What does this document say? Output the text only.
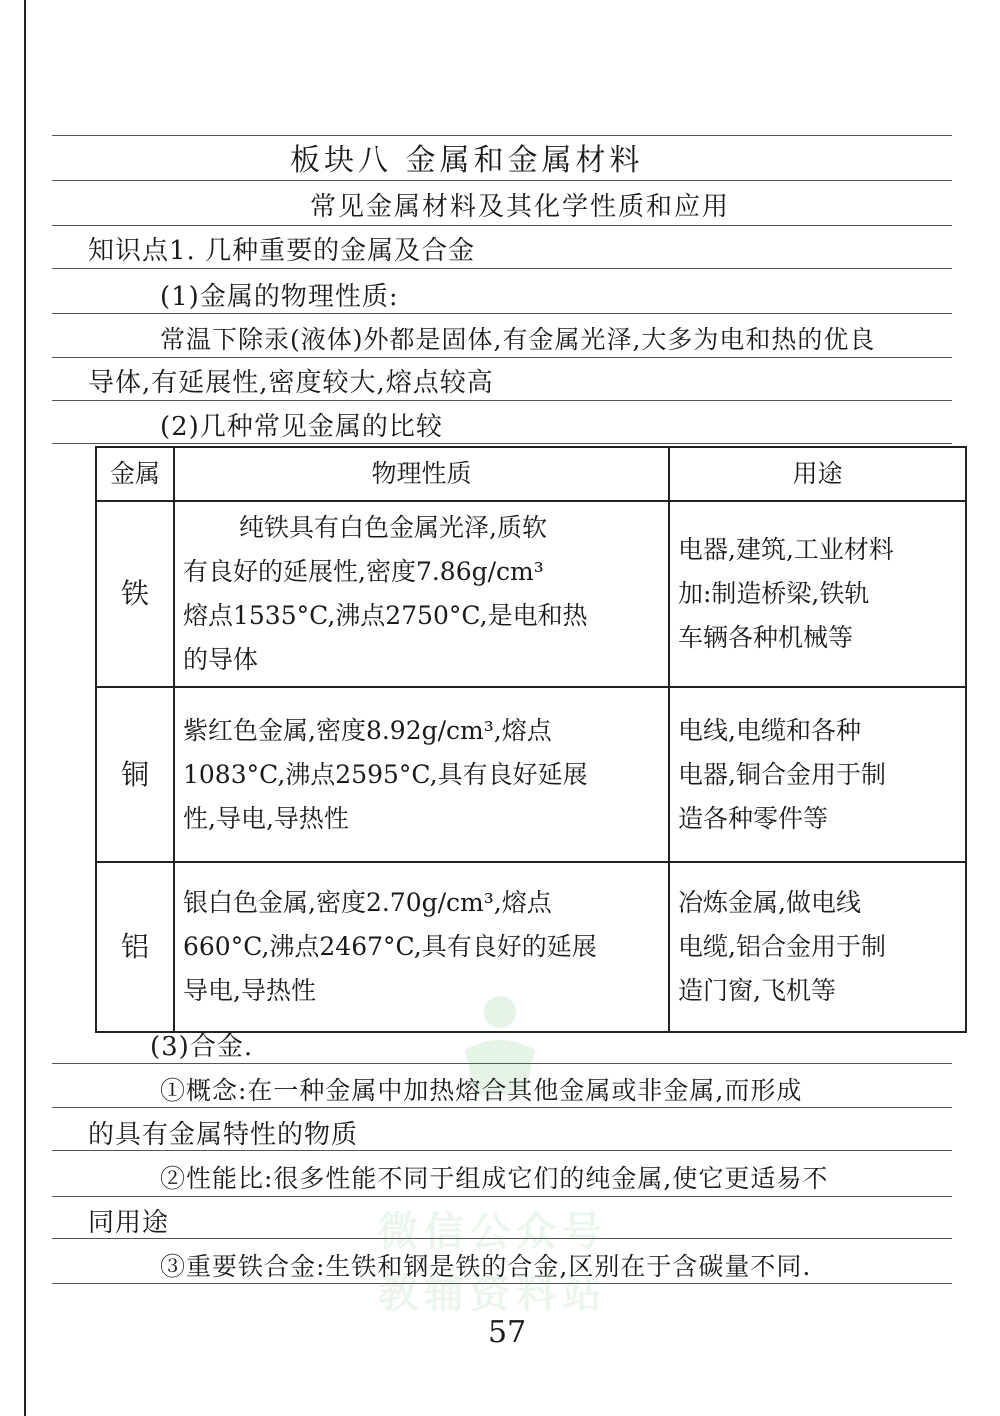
微信公众号
教辅资料站
板块八 金属和金属材料
常见金属材料及其化学性质和应用
知识点1. 几种重要的金属及合金
(1)金属的物理性质:
常温下除汞(液体)外都是固体,有金属光泽,大多为电和热的优良
导体,有延展性,密度较大,熔点较高
(2)几种常见金属的比较
金属	物理性质	用途
铁	纯铁具有白色金属光泽,质软
有良好的延展性,密度7.86g/cm³
熔点1535°C,沸点2750°C,是电和热
的导体	电器,建筑,工业材料
加:制造桥梁,铁轨
车辆各种机械等

铜	紫红色金属,密度8.92g/cm³,熔点
1083°C,沸点2595°C,具有良好延展
性,导电,导热性	电线,电缆和各种
电器,铜合金用于制
造各种零件等

铝	银白色金属,密度2.70g/cm³,熔点
660°C,沸点2467°C,具有良好的延展
导电,导热性	冶炼金属,做电线
电缆,铝合金用于制
造门窗,飞机等
(3)合金.
①概念:在一种金属中加热熔合其他金属或非金属,而形成
的具有金属特性的物质
②性能比:很多性能不同于组成它们的纯金属,使它更适易不
同用途
③重要铁合金:生铁和钢是铁的合金,区别在于含碳量不同.
57
